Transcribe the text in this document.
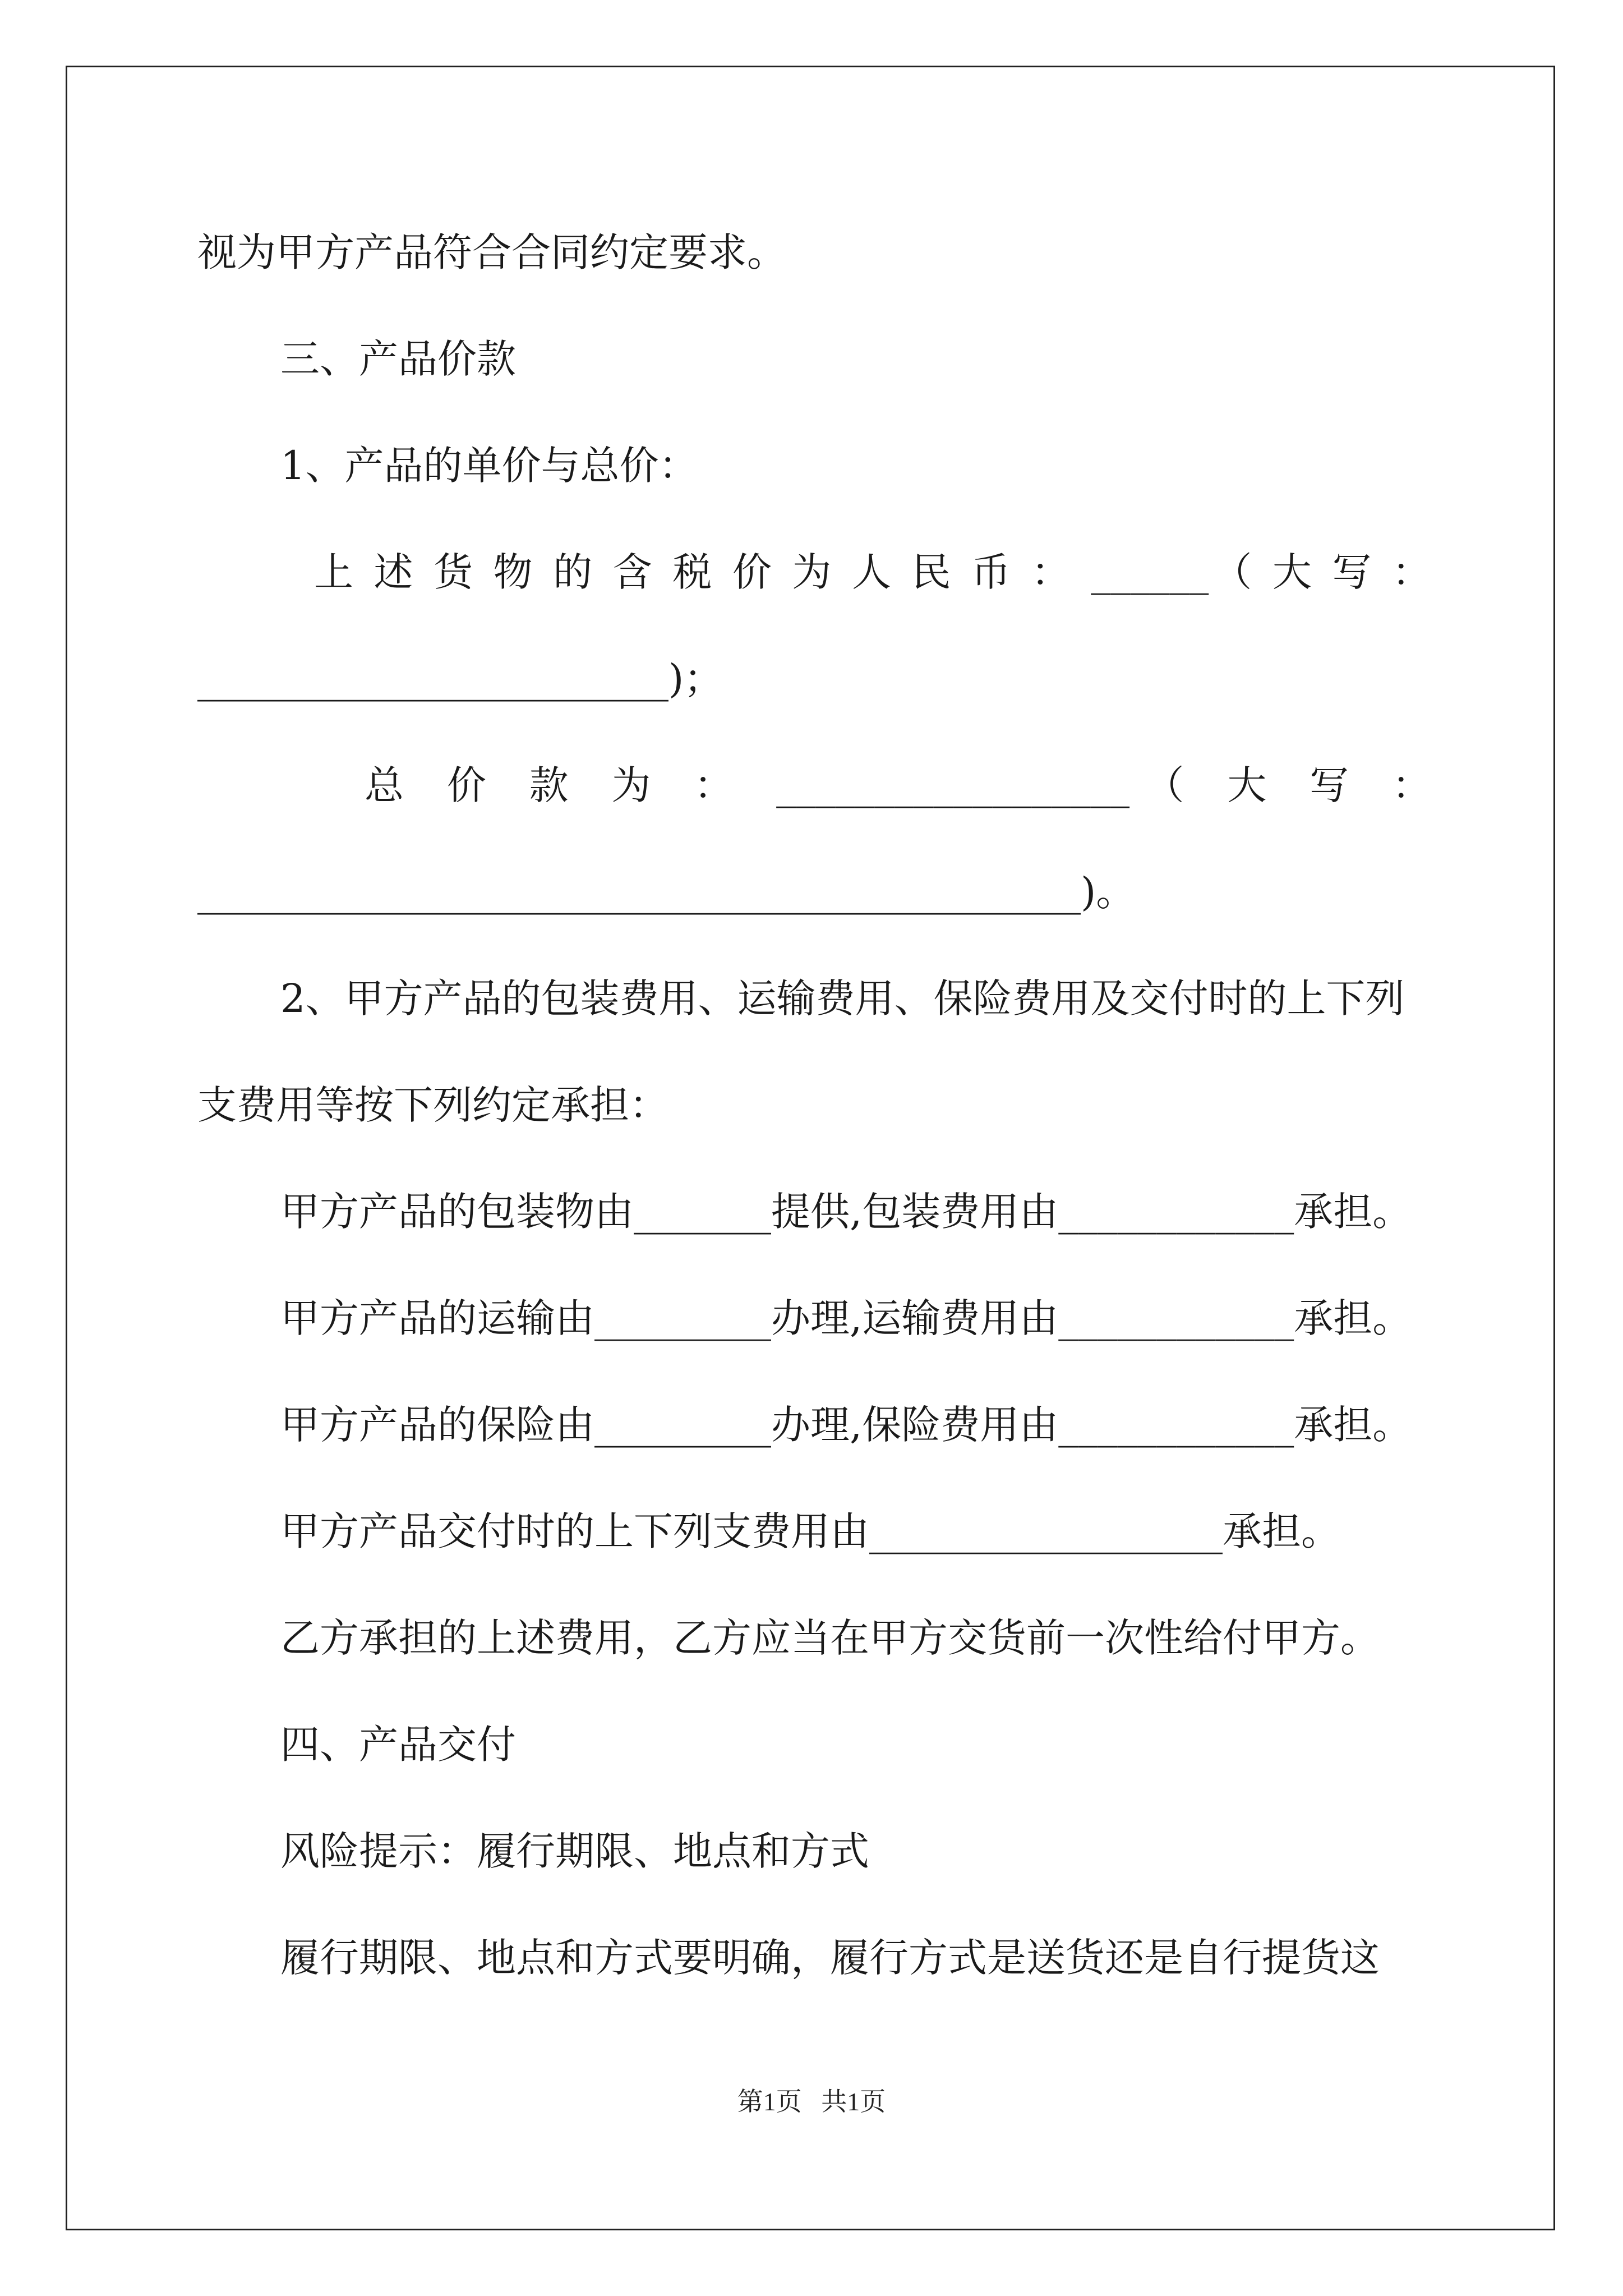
视为甲方产品符合合同约定要求。
三、产品价款
1、产品的单价与总价：
上 述 货 物 的 含 税 价 为 人 民 币 ： ______（ 大 写 ：
________________________)；
总 价 款 为 ： __________________（ 大 写 ：
_____________________________________________)。
2、甲方产品的包装费用、运输费用、保险费用及交付时的上下列
支费用等按下列约定承担：
甲方产品的包装物由_______提供,包装费用由____________承担。
甲方产品的运输由_________办理,运输费用由____________承担。
甲方产品的保险由_________办理,保险费用由____________承担。
甲方产品交付时的上下列支费用由__________________承担。
乙方承担的上述费用，乙方应当在甲方交货前一次性给付甲方。
四、产品交付
风险提示：履行期限、地点和方式
履行期限、地点和方式要明确，履行方式是送货还是自行提货这
第1页   共1页
